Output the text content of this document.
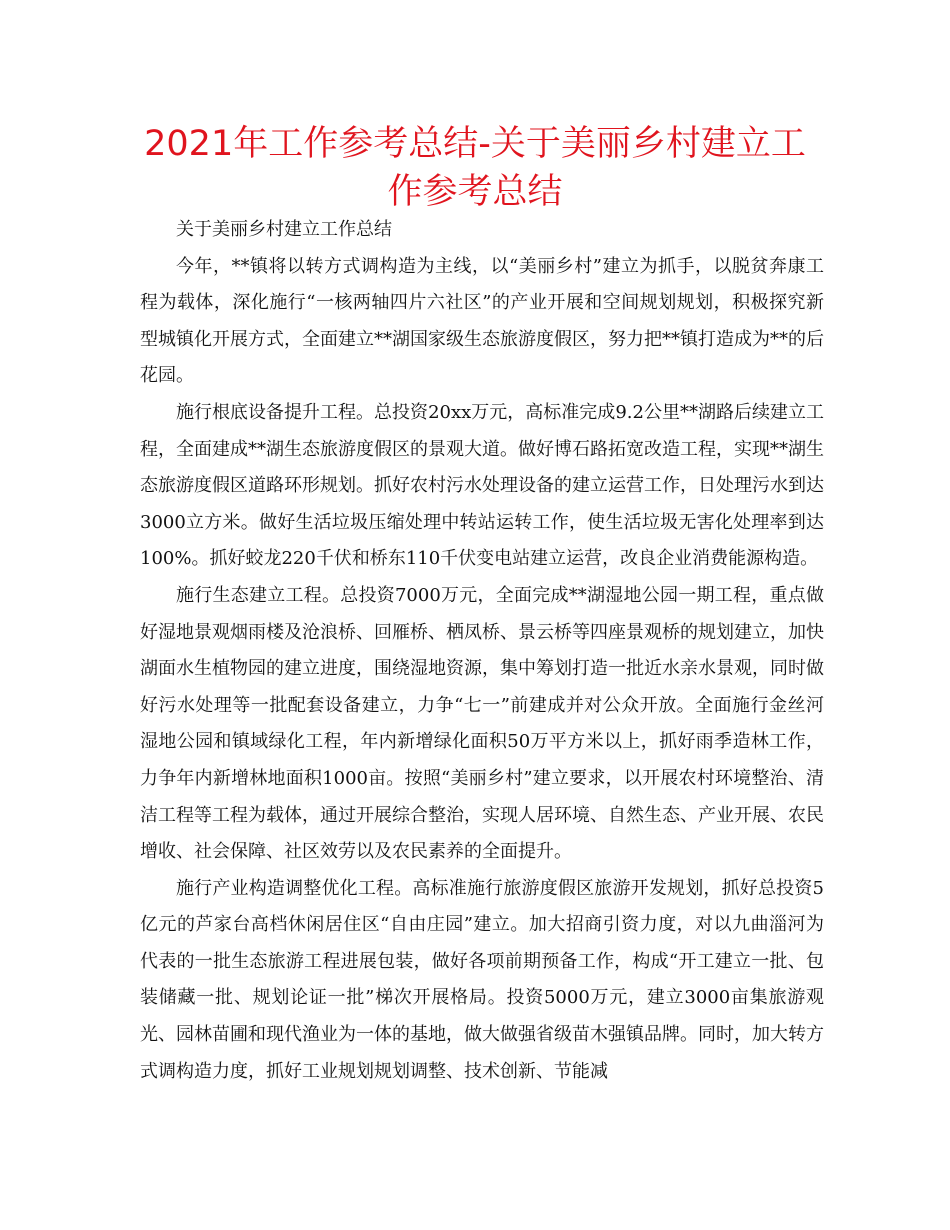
2021年工作参考总结-关于美丽乡村建立工作参考总结

关于美丽乡村建立工作总结

今年，**镇将以转方式调构造为主线，以“美丽乡村”建立为抓手，以脱贫奔康工程为载体，深化施行“一核两轴四片六社区”的产业开展和空间规划规划，积极探究新型城镇化开展方式，全面建立**湖国家级生态旅游度假区，努力把**镇打造成为**的后花园。

施行根底设备提升工程。总投资20xx万元，高标准完成9.2公里**湖路后续建立工程，全面建成**湖生态旅游度假区的景观大道。做好博石路拓宽改造工程，实现**湖生态旅游度假区道路环形规划。抓好农村污水处理设备的建立运营工作，日处理污水到达3000立方米。做好生活垃圾压缩处理中转站运转工作，使生活垃圾无害化处理率到达100%。抓好蛟龙220千伏和桥东110千伏变电站建立运营，改良企业消费能源构造。

施行生态建立工程。总投资7000万元，全面完成**湖湿地公园一期工程，重点做好湿地景观烟雨楼及沧浪桥、回雁桥、栖凤桥、景云桥等四座景观桥的规划建立，加快湖面水生植物园的建立进度，围绕湿地资源，集中筹划打造一批近水亲水景观，同时做好污水处理等一批配套设备建立，力争“七一”前建成并对公众开放。全面施行金丝河湿地公园和镇域绿化工程，年内新增绿化面积50万平方米以上，抓好雨季造林工作，力争年内新增林地面积1000亩。按照“美丽乡村”建立要求，以开展农村环境整治、清洁工程等工程为载体，通过开展综合整治，实现人居环境、自然生态、产业开展、农民增收、社会保障、社区效劳以及农民素养的全面提升。

施行产业构造调整优化工程。高标准施行旅游度假区旅游开发规划，抓好总投资5亿元的芦家台高档休闲居住区“自由庄园”建立。加大招商引资力度，对以九曲淄河为代表的一批生态旅游工程进展包装，做好各项前期预备工作，构成“开工建立一批、包装储藏一批、规划论证一批”梯次开展格局。投资5000万元，建立3000亩集旅游观光、园林苗圃和现代渔业为一体的基地，做大做强省级苗木强镇品牌。同时，加大转方式调构造力度，抓好工业规划规划调整、技术创新、节能减
